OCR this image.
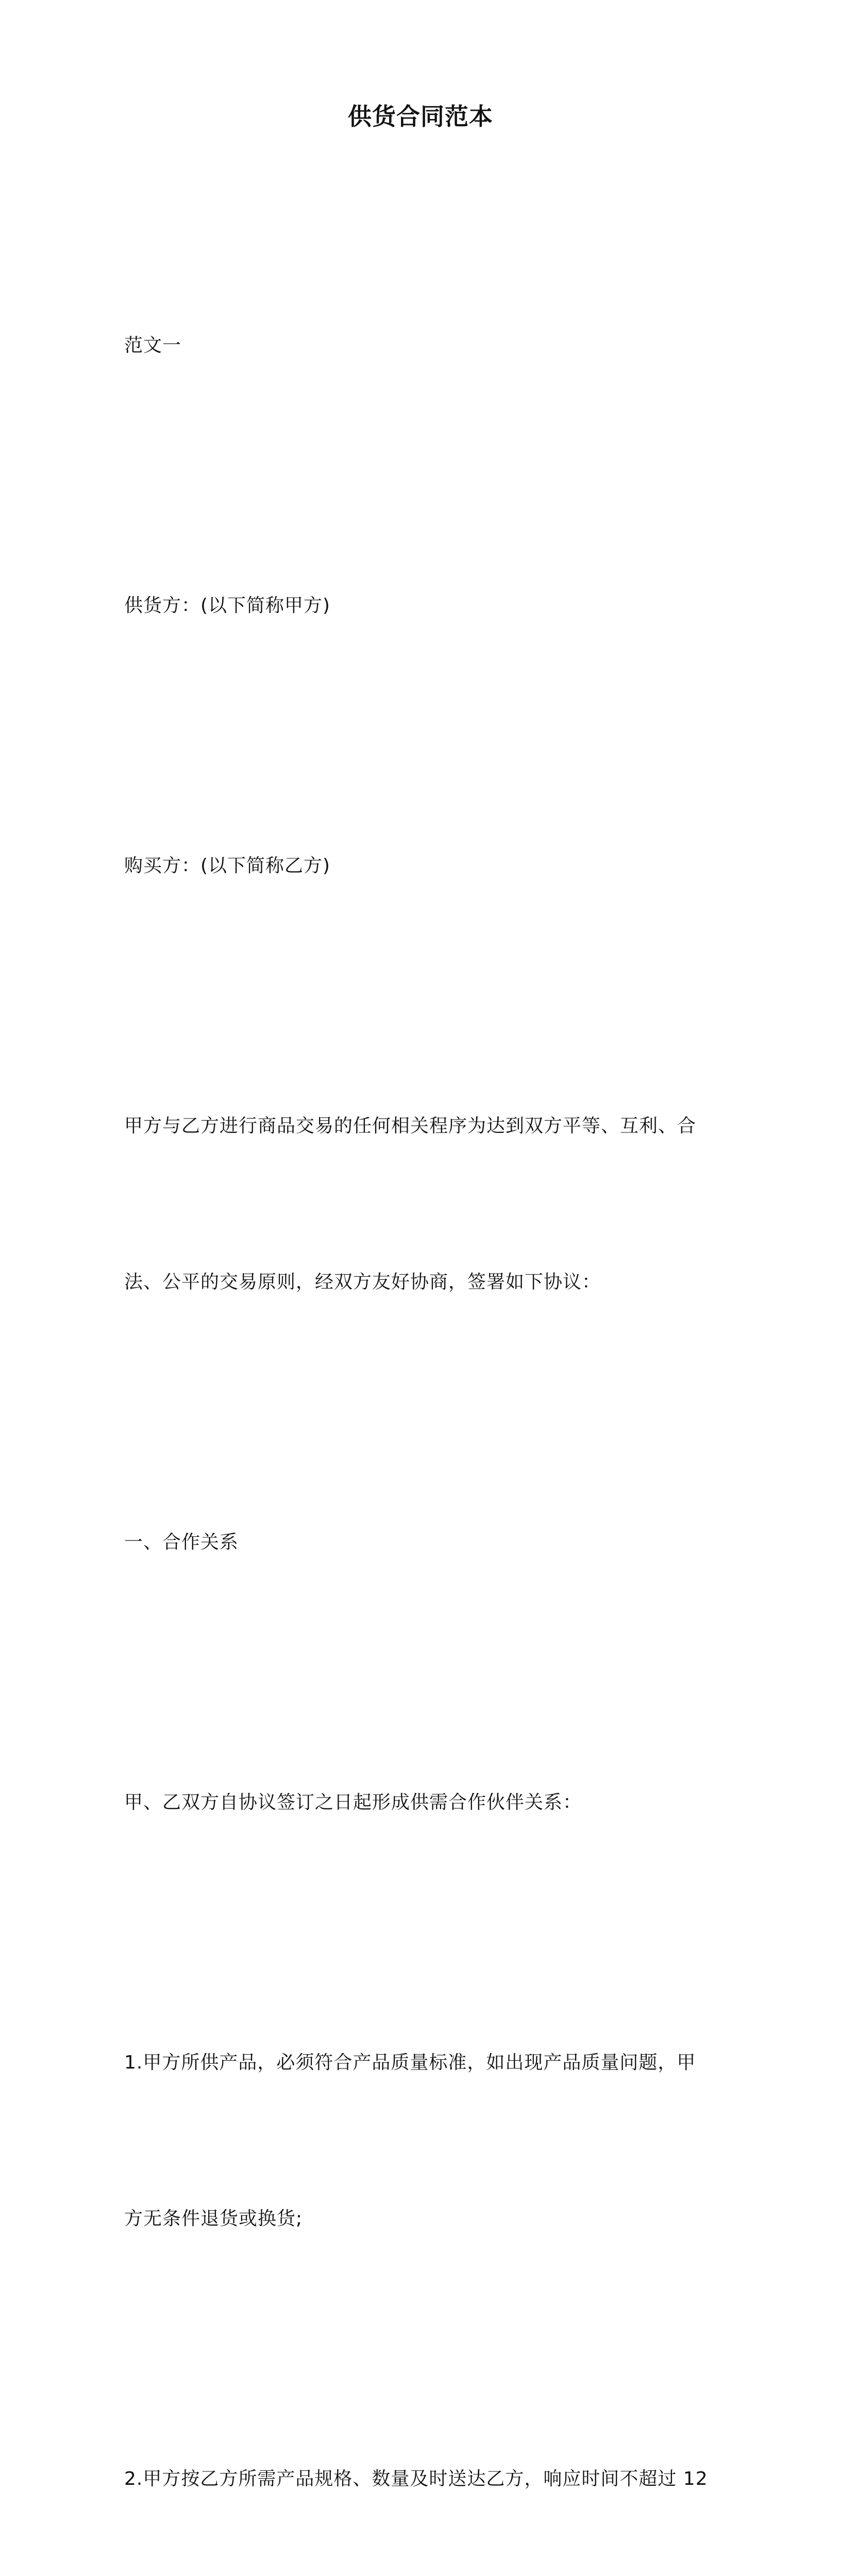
供货合同范本

范文一

供货方：(以下简称甲方)

购买方：(以下简称乙方)

甲方与乙方进行商品交易的任何相关程序为达到双方平等、互利、合

法、公平的交易原则，经双方友好协商，签署如下协议：

一、合作关系

甲、乙双方自协议签订之日起形成供需合作伙伴关系：

1.甲方所供产品，必须符合产品质量标准，如出现产品质量问题，甲

方无条件退货或换货;

2.甲方按乙方所需产品规格、数量及时送达乙方，响应时间不超过 12
